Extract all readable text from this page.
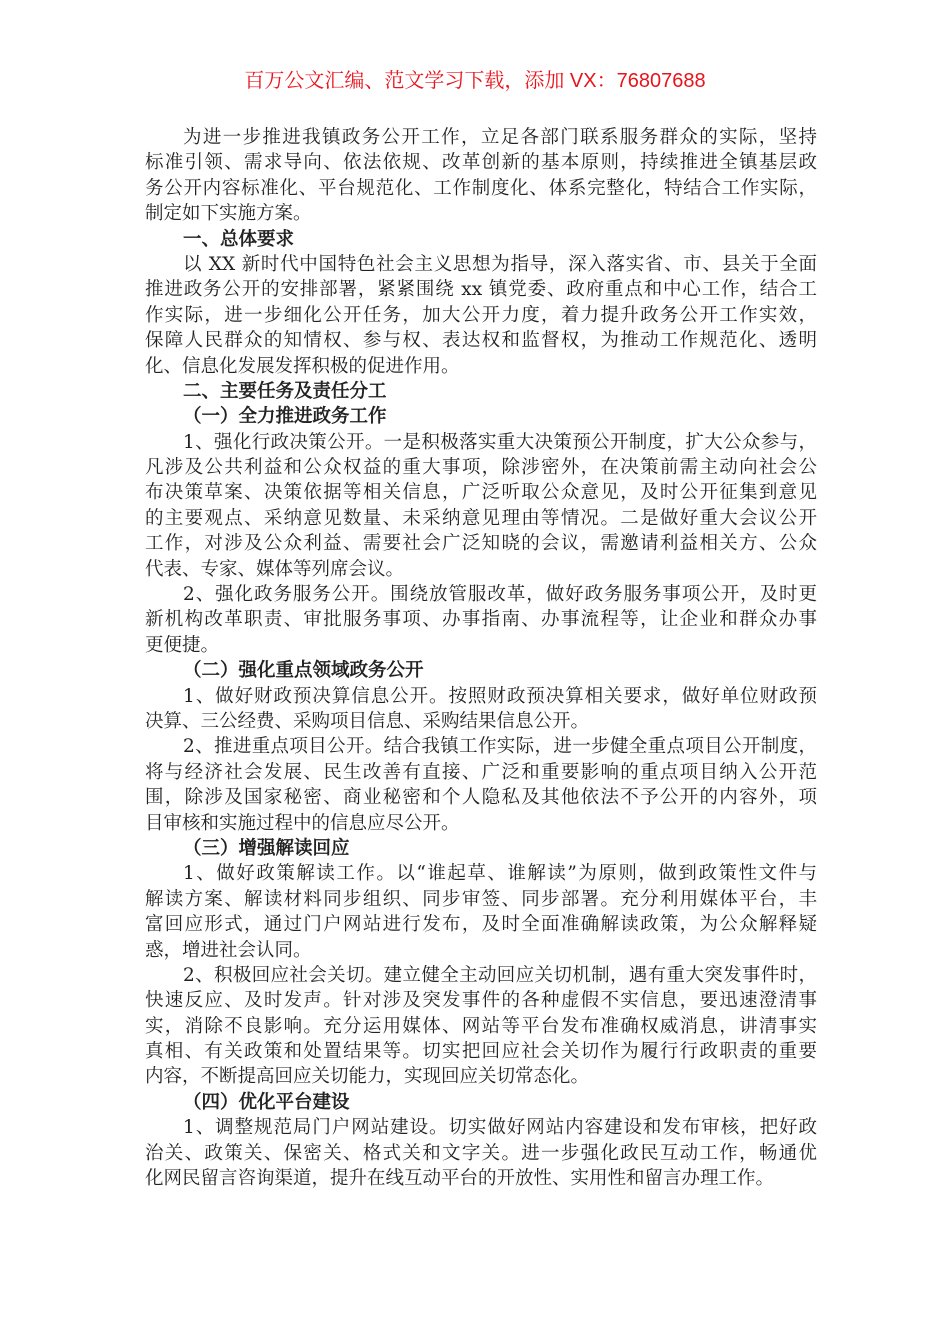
百万公文汇编、范文学习下载，添加 VX：76807688
为进一步推进我镇政务公开工作，立足各部门联系服务群众的实际，坚持
标准引领、需求导向、依法依规、改革创新的基本原则，持续推进全镇基层政
务公开内容标准化、平台规范化、工作制度化、体系完整化，特结合工作实际，
制定如下实施方案。
一、总体要求
以 XX 新时代中国特色社会主义思想为指导，深入落实省、市、县关于全面
推进政务公开的安排部署，紧紧围绕 xx 镇党委、政府重点和中心工作，结合工
作实际，进一步细化公开任务，加大公开力度，着力提升政务公开工作实效，
保障人民群众的知情权、参与权、表达权和监督权，为推动工作规范化、透明
化、信息化发展发挥积极的促进作用。
二、主要任务及责任分工
（一）全力推进政务工作
1、强化行政决策公开。一是积极落实重大决策预公开制度，扩大公众参与，
凡涉及公共利益和公众权益的重大事项，除涉密外，在决策前需主动向社会公
布决策草案、决策依据等相关信息，广泛听取公众意见，及时公开征集到意见
的主要观点、采纳意见数量、未采纳意见理由等情况。二是做好重大会议公开
工作，对涉及公众利益、需要社会广泛知晓的会议，需邀请利益相关方、公众
代表、专家、媒体等列席会议。
2、强化政务服务公开。围绕放管服改革，做好政务服务事项公开，及时更
新机构改革职责、审批服务事项、办事指南、办事流程等，让企业和群众办事
更便捷。
（二）强化重点领域政务公开
1、做好财政预决算信息公开。按照财政预决算相关要求，做好单位财政预
决算、三公经费、采购项目信息、采购结果信息公开。
2、推进重点项目公开。结合我镇工作实际，进一步健全重点项目公开制度，
将与经济社会发展、民生改善有直接、广泛和重要影响的重点项目纳入公开范
围，除涉及国家秘密、商业秘密和个人隐私及其他依法不予公开的内容外，项
目审核和实施过程中的信息应尽公开。
（三）增强解读回应
1、做好政策解读工作。以“谁起草、谁解读”为原则，做到政策性文件与
解读方案、解读材料同步组织、同步审签、同步部署。充分利用媒体平台，丰
富回应形式，通过门户网站进行发布，及时全面准确解读政策，为公众解释疑
惑，增进社会认同。
2、积极回应社会关切。建立健全主动回应关切机制，遇有重大突发事件时，
快速反应、及时发声。针对涉及突发事件的各种虚假不实信息，要迅速澄清事
实，消除不良影响。充分运用媒体、网站等平台发布准确权威消息，讲清事实
真相、有关政策和处置结果等。切实把回应社会关切作为履行行政职责的重要
内容，不断提高回应关切能力，实现回应关切常态化。
（四）优化平台建设
1、调整规范局门户网站建设。切实做好网站内容建设和发布审核，把好政
治关、政策关、保密关、格式关和文字关。进一步强化政民互动工作，畅通优
化网民留言咨询渠道，提升在线互动平台的开放性、实用性和留言办理工作。
